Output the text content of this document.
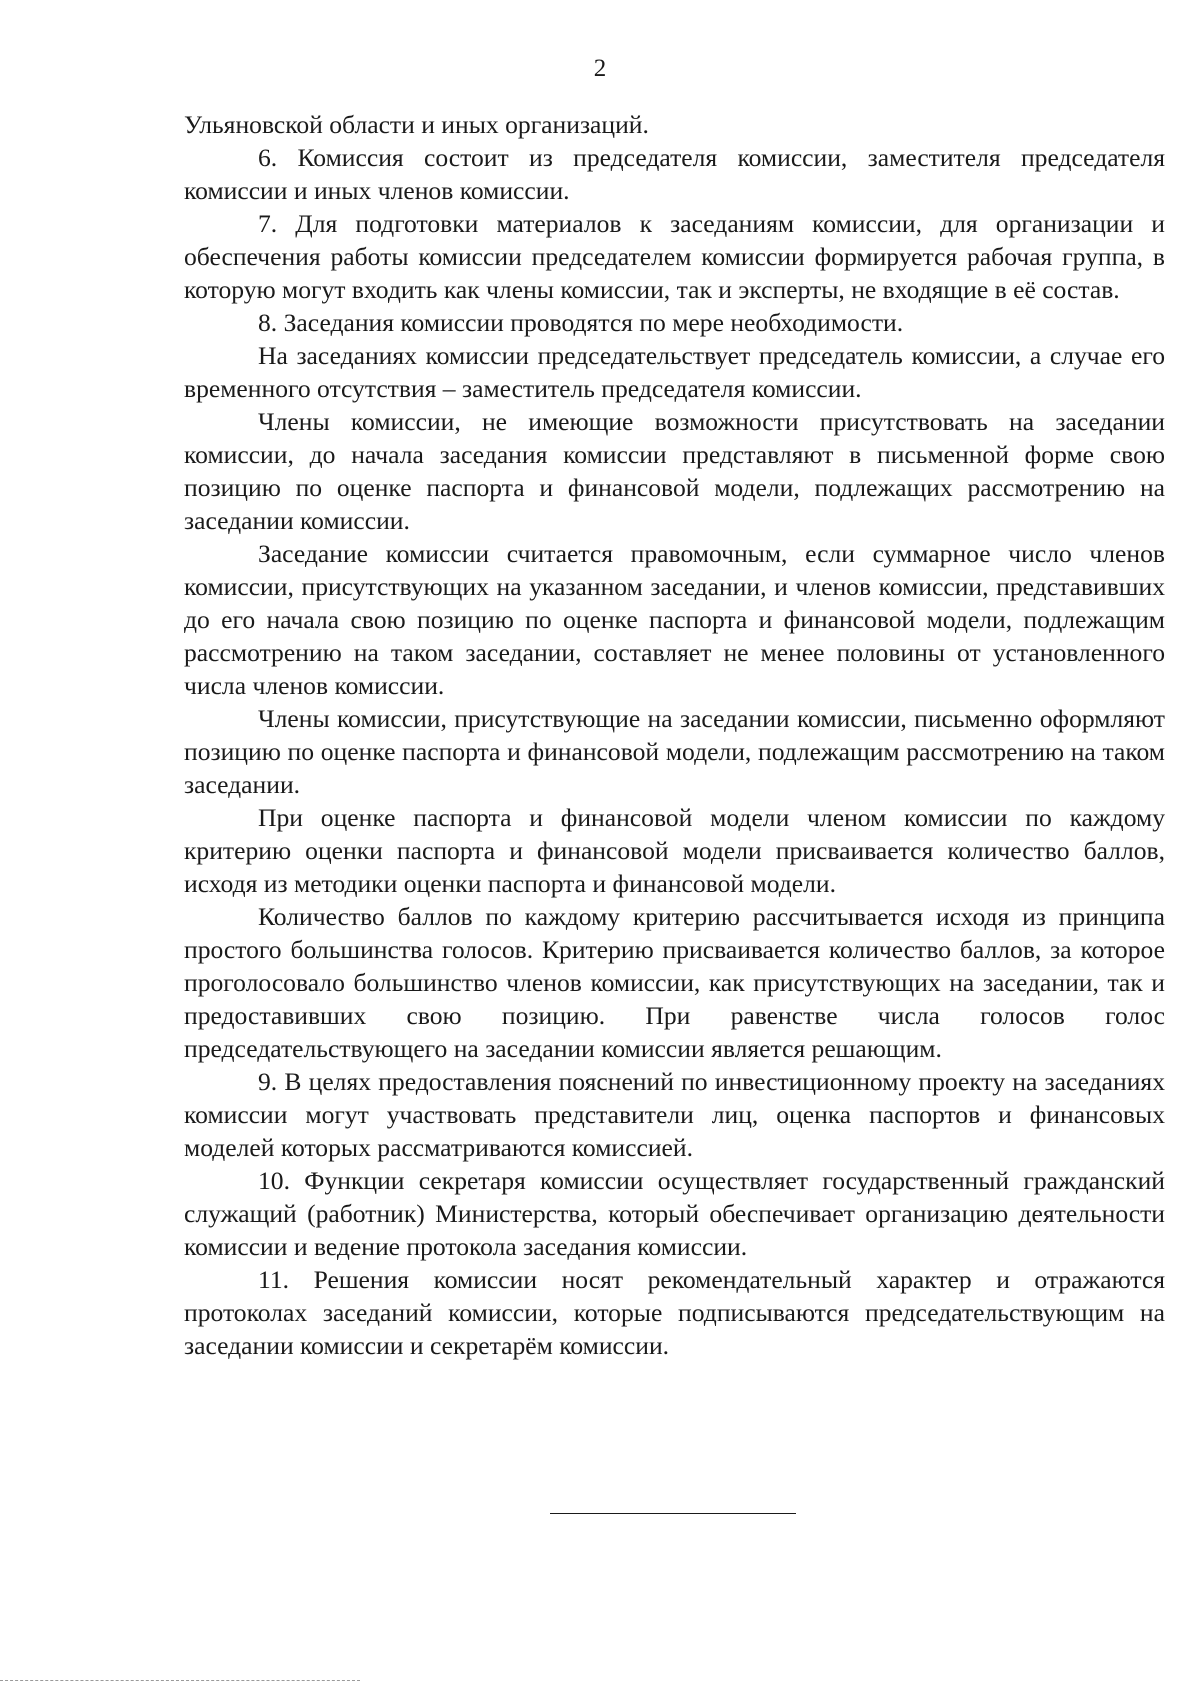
2

Ульяновской области и иных организаций.

6. Комиссия состоит из председателя комиссии, заместителя председателя комиссии и иных членов комиссии.

7. Для подготовки материалов к заседаниям комиссии, для организации и обеспечения работы комиссии председателем комиссии формируется рабочая группа, в которую могут входить как члены комиссии, так и эксперты, не входящие в её состав.

8. Заседания комиссии проводятся по мере необходимости.

На заседаниях комиссии председательствует председатель комиссии, а случае его временного отсутствия – заместитель председателя комиссии.

Члены комиссии, не имеющие возможности присутствовать на заседании комиссии, до начала заседания комиссии представляют в письменной форме свою позицию по оценке паспорта и финансовой модели, подлежащих рассмотрению на заседании комиссии.

Заседание комиссии считается правомочным, если суммарное число членов комиссии, присутствующих на указанном заседании, и членов комиссии, представивших до его начала свою позицию по оценке паспорта и финансовой модели, подлежащим рассмотрению на таком заседании, составляет не менее половины от установленного числа членов комиссии.

Члены комиссии, присутствующие на заседании комиссии, письменно оформляют позицию по оценке паспорта и финансовой модели, подлежащим рассмотрению на таком заседании.

При оценке паспорта и финансовой модели членом комиссии по каждому критерию оценки паспорта и финансовой модели присваивается количество баллов, исходя из методики оценки паспорта и финансовой модели.

Количество баллов по каждому критерию рассчитывается исходя из принципа простого большинства голосов. Критерию присваивается количество баллов, за которое проголосовало большинство членов комиссии, как присутствующих на заседании, так и предоставивших свою позицию. При равенстве числа голосов голос председательствующего на заседании комиссии является решающим.

9. В целях предоставления пояснений по инвестиционному проекту на заседаниях комиссии могут участвовать представители лиц, оценка паспортов и финансовых моделей которых рассматриваются комиссией.

10. Функции секретаря комиссии осуществляет государственный гражданский служащий (работник) Министерства, который обеспечивает организацию деятельности комиссии и ведение протокола заседания комиссии.

11. Решения комиссии носят рекомендательный характер и отражаются протоколах заседаний комиссии, которые подписываются председательствующим на заседании комиссии и секретарём комиссии.
